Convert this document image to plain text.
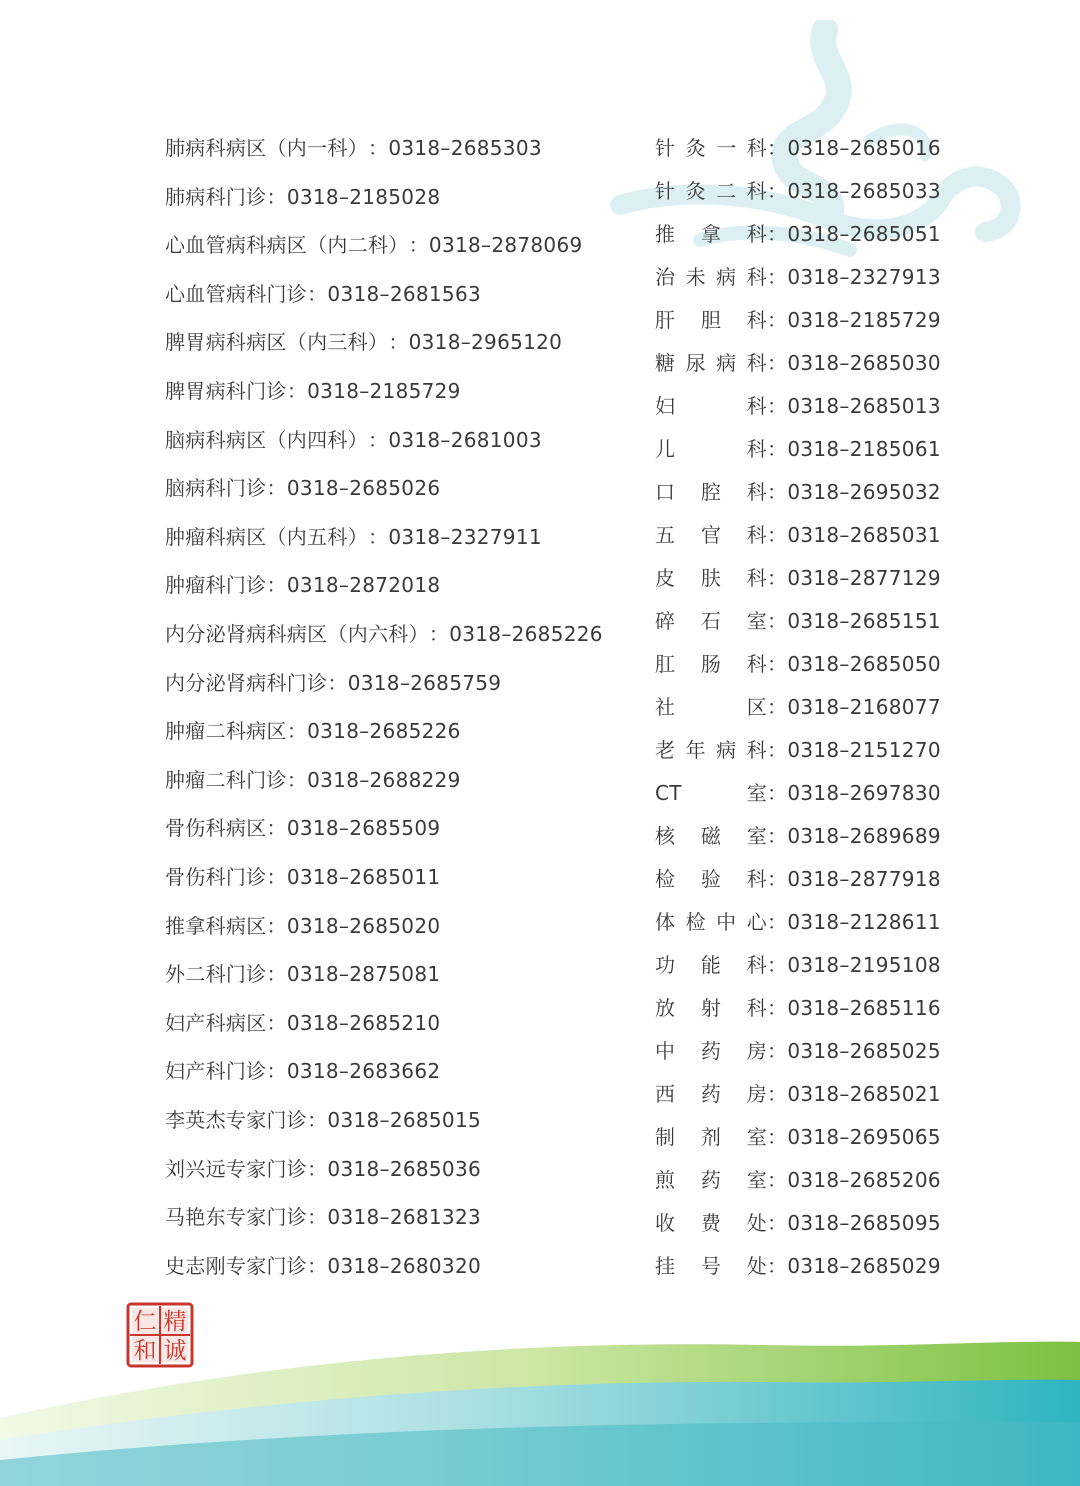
肺病科病区（内一科）：0318–2685303
肺病科门诊：0318–2185028
心血管病科病区（内二科）：0318–2878069
心血管病科门诊：0318–2681563
脾胃病科病区（内三科）：0318–2965120
脾胃病科门诊：0318–2185729
脑病科病区（内四科）：0318–2681003
脑病科门诊：0318–2685026
肿瘤科病区（内五科）：0318–2327911
肿瘤科门诊：0318–2872018
内分泌肾病科病区（内六科）：0318–2685226
内分泌肾病科门诊：0318–2685759
肿瘤二科病区：0318–2685226
肿瘤二科门诊：0318–2688229
骨伤科病区：0318–2685509
骨伤科门诊：0318–2685011
推拿科病区：0318–2685020
外二科门诊：0318–2875081
妇产科病区：0318–2685210
妇产科门诊：0318–2683662
李英杰专家门诊：0318–2685015
刘兴远专家门诊：0318–2685036
马艳东专家门诊：0318–2681323
史志刚专家门诊：0318–2680320
针灸一科：0318–2685016
针灸二科：0318–2685033
推拿科：0318–2685051
治未病科：0318–2327913
肝胆科：0318–2185729
糖尿病科：0318–2685030
妇科：0318–2685013
儿科：0318–2185061
口腔科：0318–2695032
五官科：0318–2685031
皮肤科：0318–2877129
碎石室：0318–2685151
肛肠科：0318–2685050
社区：0318–2168077
老年病科：0318–2151270
CT室：0318–2697830
核磁室：0318–2689689
检验科：0318–2877918
体检中心：0318–2128611
功能科：0318–2195108
放射科：0318–2685116
中药房：0318–2685025
西药房：0318–2685021
制剂室：0318–2695065
煎药室：0318–2685206
收费处：0318–2685095
挂号处：0318–2685029
精
诚
仁
和
